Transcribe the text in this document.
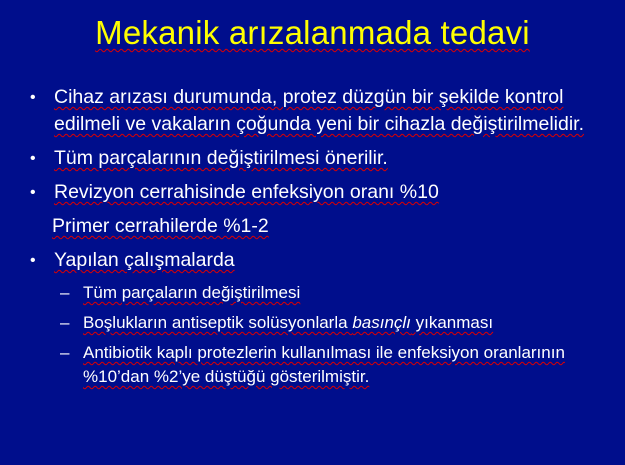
Mekanik arızalanmada tedavi
• Cihaz arızası durumunda, protez düzgün bir şekilde kontrol edilmeli ve vakaların çoğunda yeni bir cihazla değiştirilmelidir.
• Tüm parçalarının değiştirilmesi önerilir.
• Revizyon cerrahisinde enfeksiyon oranı %10
Primer cerrahilerde %1-2
• Yapılan çalışmalarda
– Tüm parçaların değiştirilmesi
– Boşlukların antiseptik solüsyonlarla basınçlı yıkanması
– Antibiotik kaplı protezlerin kullanılması ile enfeksiyon oranlarının %10’dan %2’ye düştüğü gösterilmiştir.
